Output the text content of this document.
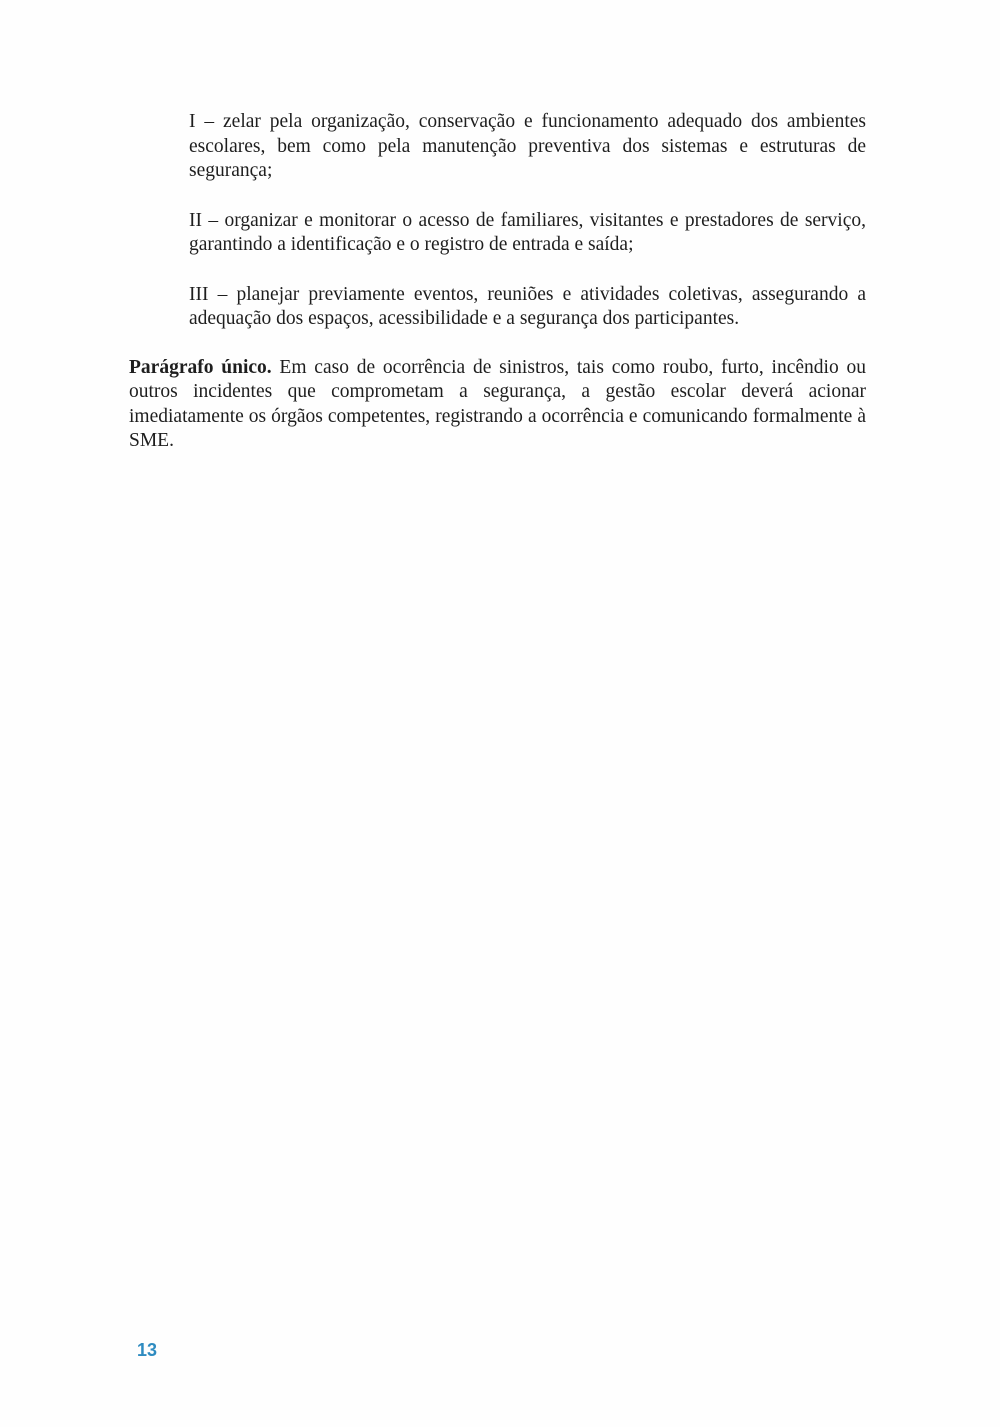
I – zelar pela organização, conservação e funcionamento adequado dos ambientes escolares, bem como pela manutenção preventiva dos sistemas e estruturas de segurança;

II – organizar e monitorar o acesso de familiares, visitantes e prestadores de serviço, garantindo a identificação e o registro de entrada e saída;

III – planejar previamente eventos, reuniões e atividades coletivas, assegurando a adequação dos espaços, acessibilidade e a segurança dos participantes.

Parágrafo único. Em caso de ocorrência de sinistros, tais como roubo, furto, incêndio ou outros incidentes que comprometam a segurança, a gestão escolar deverá acionar imediatamente os órgãos competentes, registrando a ocorrência e comunicando formalmente à SME.

13
